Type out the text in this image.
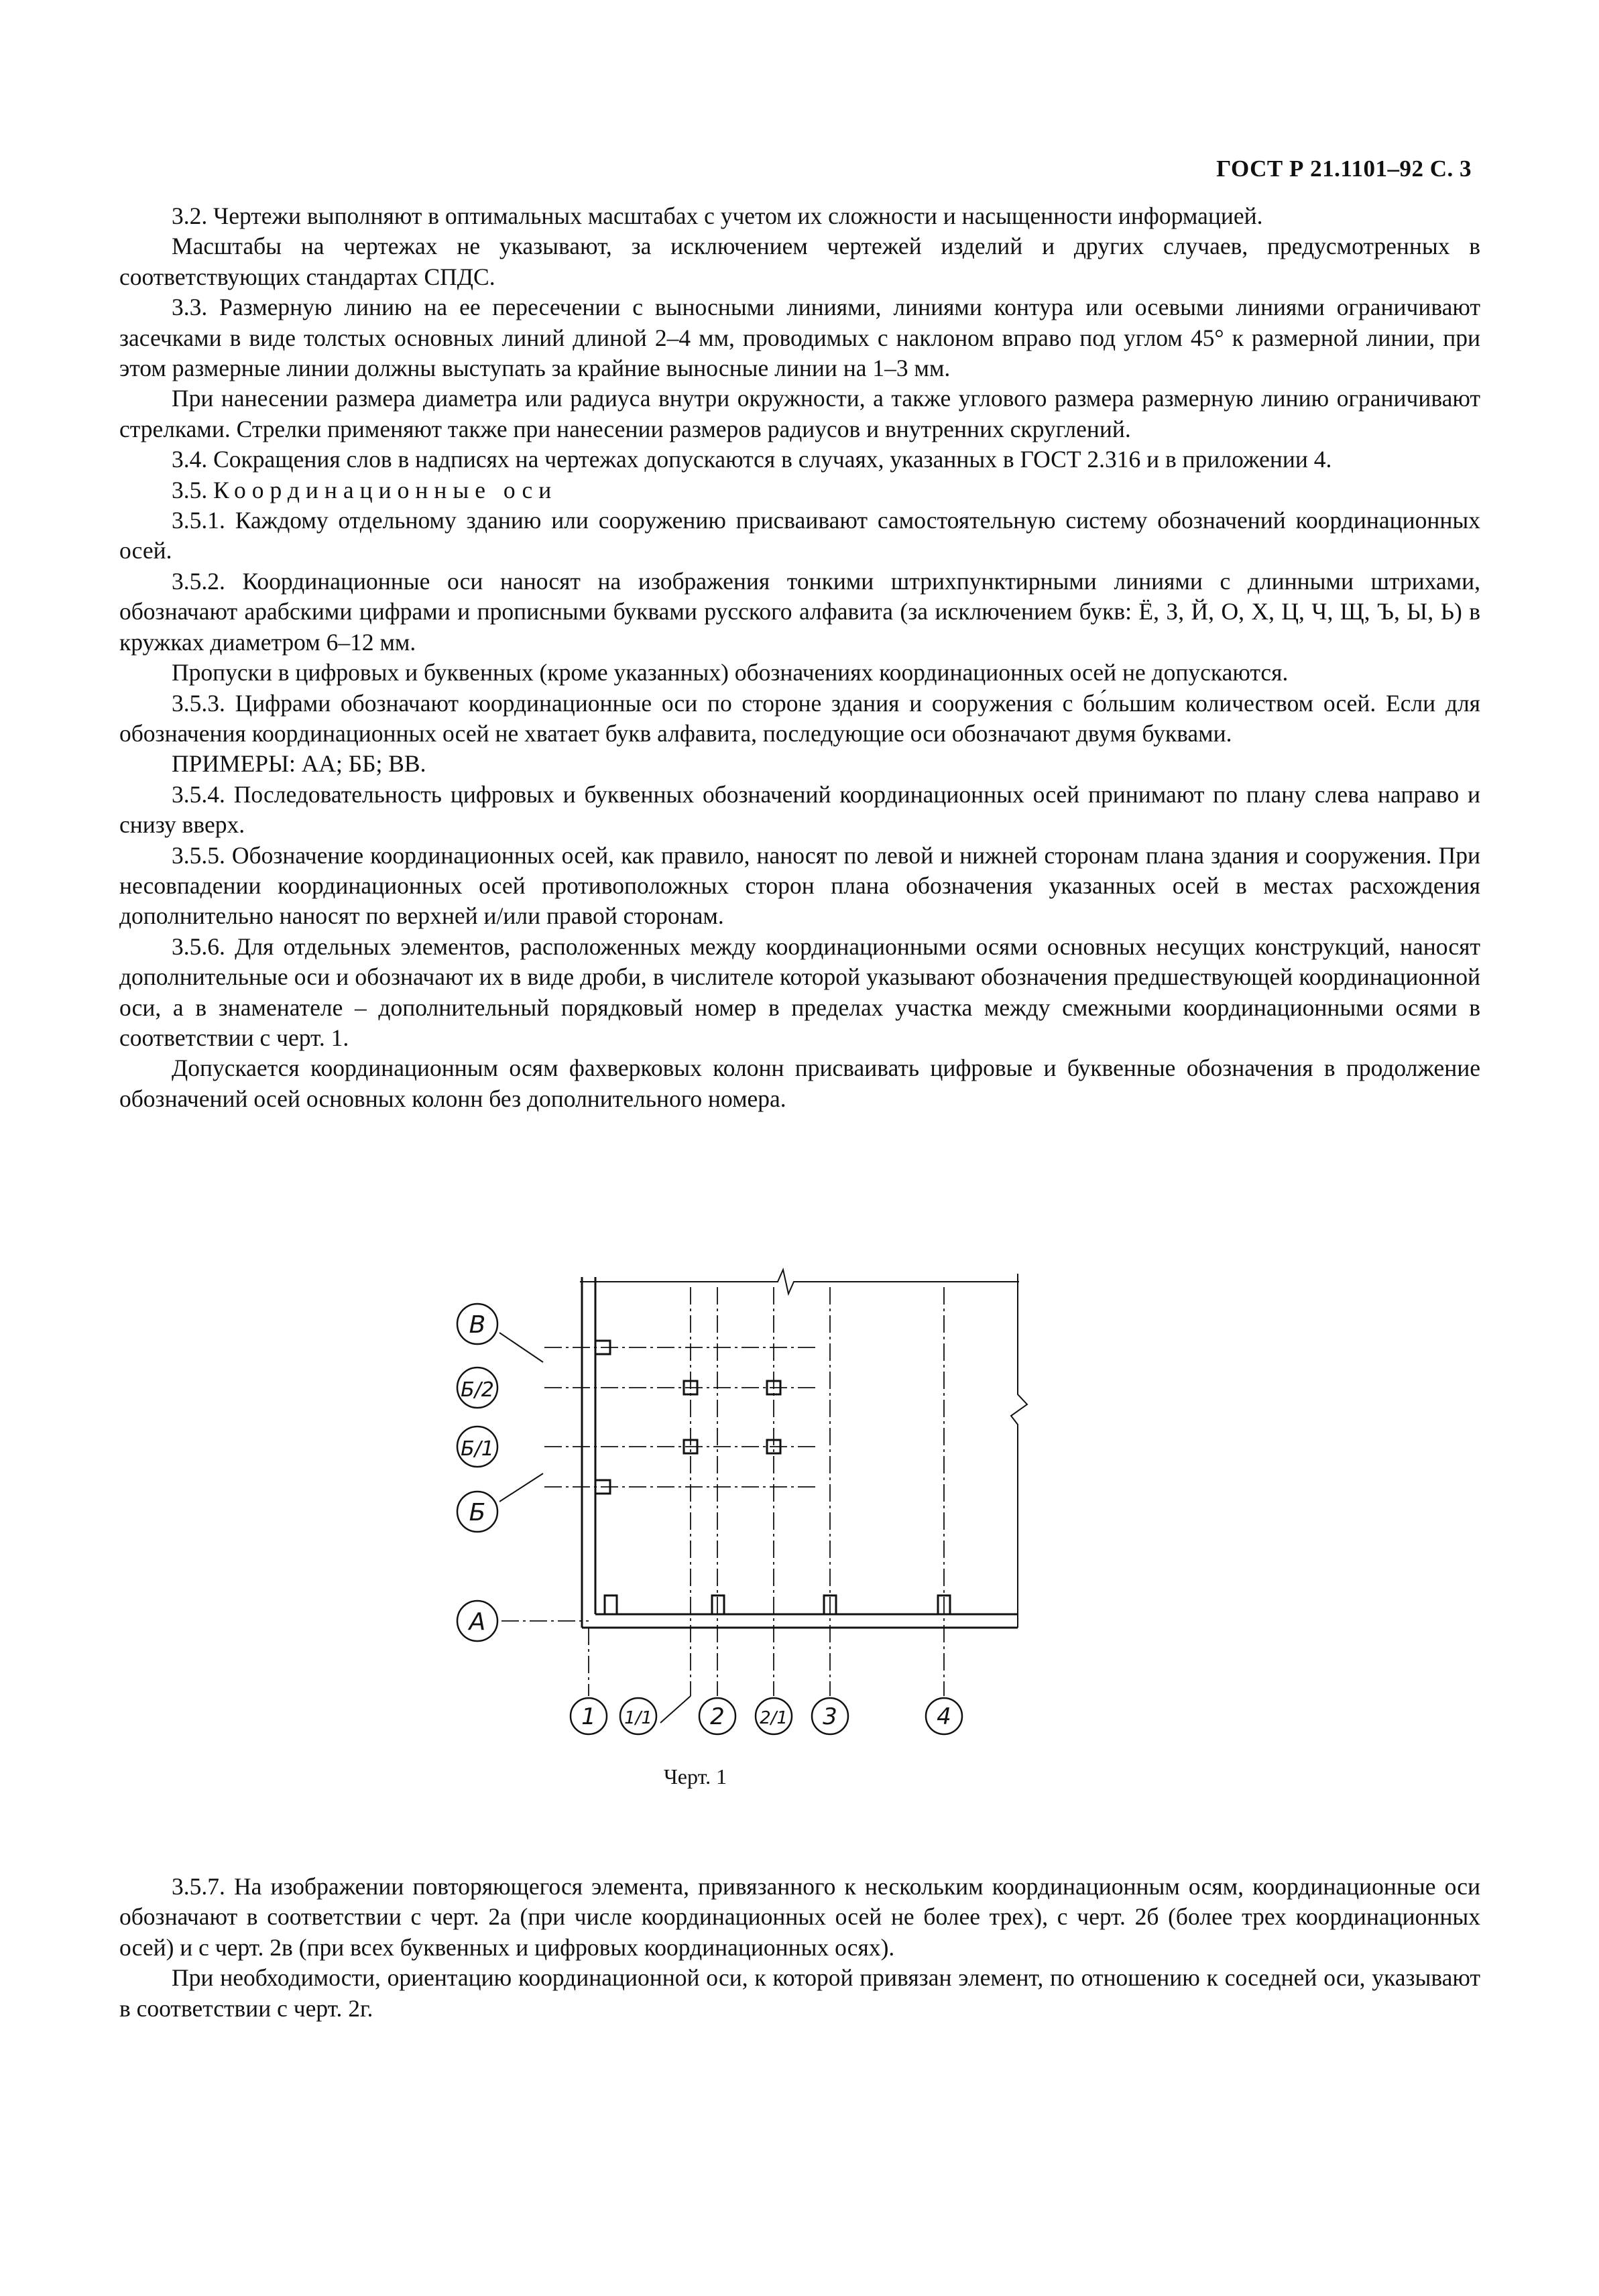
ГОСТ Р 21.1101–92 С. 3

3.2. Чертежи выполняют в оптимальных масштабах с учетом их сложности и насыщенности информацией.

Масштабы на чертежах не указывают, за исключением чертежей изделий и других случаев, предусмотренных в соответствующих стандартах СПДС.

3.3. Размерную линию на ее пересечении с выносными линиями, линиями контура или осевыми линиями ограничивают засечками в виде толстых основных линий длиной 2–4 мм, проводимых с наклоном вправо под углом 45° к размерной линии, при этом размерные линии должны выступать за крайние выносные линии на 1–3 мм.

При нанесении размера диаметра или радиуса внутри окружности, а также углового размера размерную линию ограничивают стрелками. Стрелки применяют также при нанесении размеров радиусов и внутренних скруглений.

3.4. Сокращения слов в надписях на чертежах допускаются в случаях, указанных в ГОСТ 2.316 и в приложении 4.

3.5. Координационные оси

3.5.1. Каждому отдельному зданию или сооружению присваивают самостоятельную систему обозначений координационных осей.

3.5.2. Координационные оси наносят на изображения тонкими штрихпунктирными линиями с длинными штрихами, обозначают арабскими цифрами и прописными буквами русского алфавита (за исключением букв: Ё, З, Й, О, Х, Ц, Ч, Щ, Ъ, Ы, Ь) в кружках диаметром 6–12 мм.

Пропуски в цифровых и буквенных (кроме указанных) обозначениях координационных осей не допускаются.

3.5.3. Цифрами обозначают координационные оси по стороне здания и сооружения с бо́льшим количеством осей. Если для обозначения координационных осей не хватает букв алфавита, последующие оси обозначают двумя буквами.

ПРИМЕРЫ: АА; ББ; ВВ.

3.5.4. Последовательность цифровых и буквенных обозначений координационных осей принимают по плану слева направо и снизу вверх.

3.5.5. Обозначение координационных осей, как правило, наносят по левой и нижней сторонам плана здания и сооружения. При несовпадении координационных осей противоположных сторон плана обозначения указанных осей в местах расхождения дополнительно наносят по верхней и/или правой сторонам.

3.5.6. Для отдельных элементов, расположенных между координационными осями основных несущих конструкций, наносят дополнительные оси и обозначают их в виде дроби, в числителе которой указывают обозначения предшествующей координационной оси, а в знаменателе – дополнительный порядковый номер в пределах участка между смежными координационными осями в соответствии с черт. 1.

Допускается координационным осям фахверковых колонн присваивать цифровые и буквенные обозначения в продолжение обозначений осей основных колонн без дополнительного номера.

В
Б/2
Б/1
Б
А
1 1/1	2 2/1 3	4
Черт. 1

3.5.7. На изображении повторяющегося элемента, привязанного к нескольким координационным осям, координационные оси обозначают в соответствии с черт. 2а (при числе координационных осей не более трех), с черт. 2б (более трех координационных осей) и с черт. 2в (при всех буквенных и цифровых координационных осях).

При необходимости, ориентацию координационной оси, к которой привязан элемент, по отношению к соседней оси, указывают в соответствии с черт. 2г.
